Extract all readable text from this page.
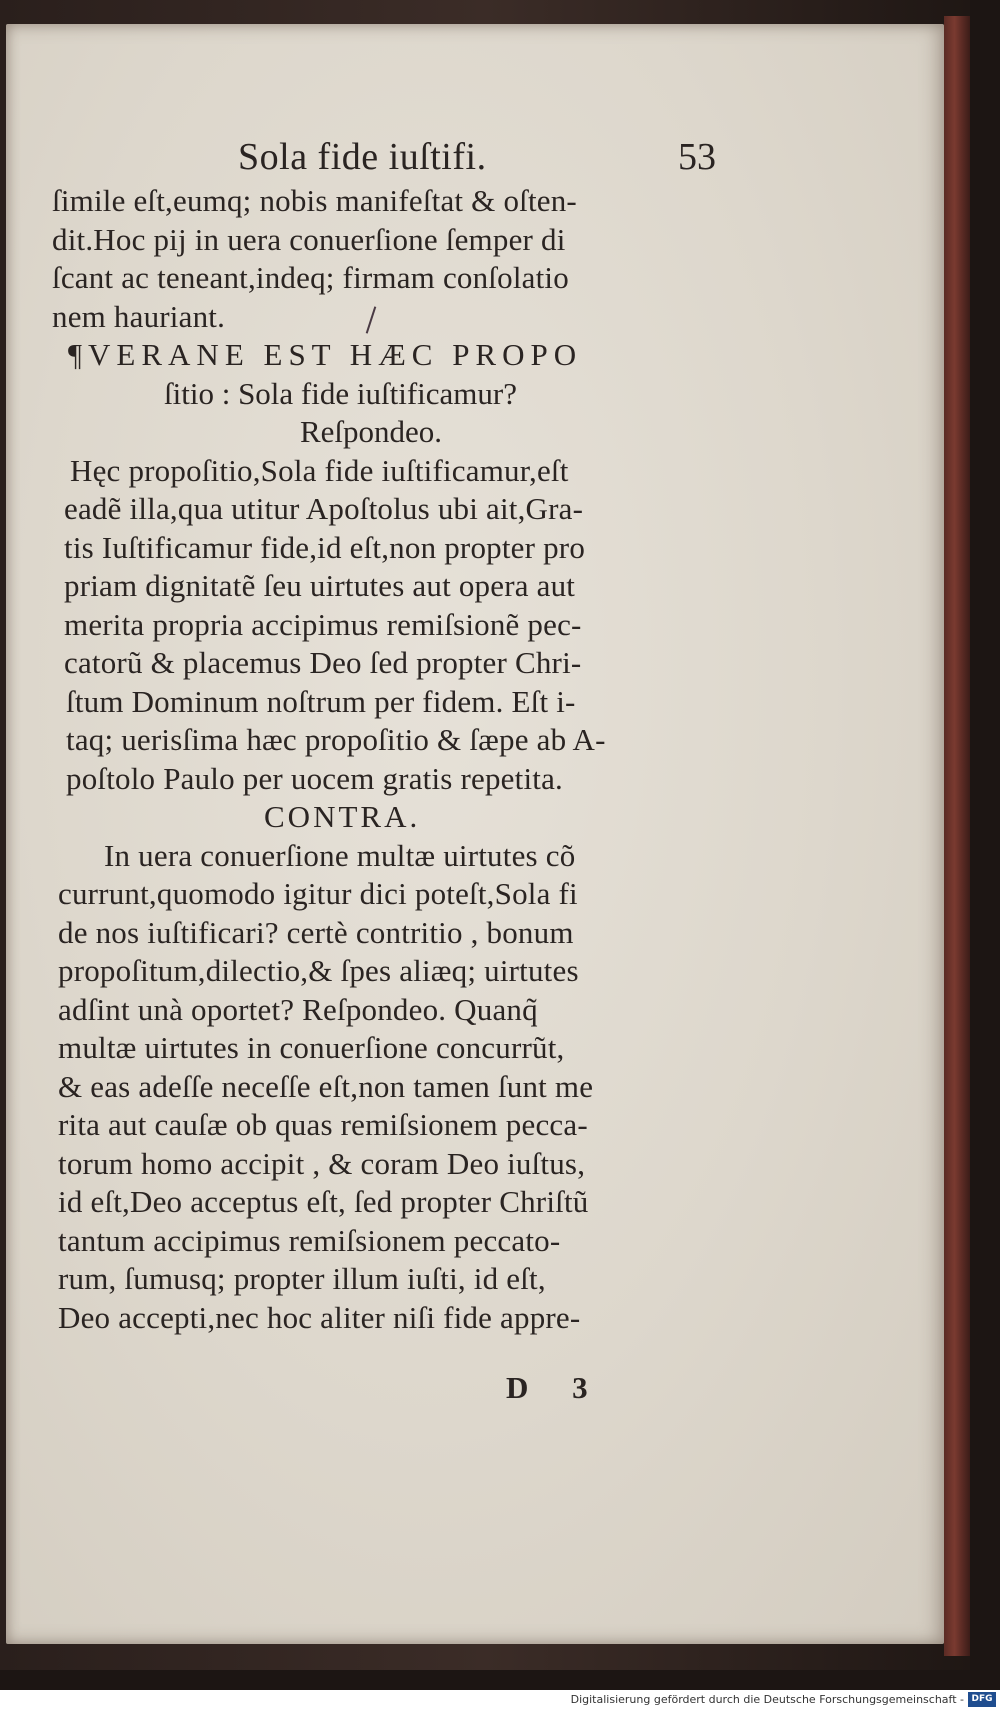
Sola fide iuſtifi.	53
ſimile eſt,eumq; nobis manifeſtat & oſten-
dit.Hoc pij in uera conuerſione ſemper di
ſcant ac teneant,indeq; firmam conſolatio
nem hauriant.
¶VERANE EST HÆC PROPO
ſitio : Sola fide iuſtificamur?
Reſpondeo.
Hęc propoſitio,Sola fide iuſtificamur,eſt
eadẽ illa,qua utitur Apoſtolus ubi ait,Gra-
tis Iuſtificamur fide,id eſt,non propter pro
priam dignitatẽ ſeu uirtutes aut opera aut
merita propria accipimus remiſsionẽ pec-
catorũ & placemus Deo ſed propter Chri-
ſtum Dominum noſtrum per fidem. Eſt i-
taq; uerisſima hæc propoſitio & ſæpe ab A-
poſtolo Paulo per uocem gratis repetita.
CONTRA.
In uera conuerſione multæ uirtutes cõ
currunt,quomodo igitur dici poteſt,Sola fi
de nos iuſtificari? certè contritio , bonum
propoſitum,dilectio,& ſpes aliæq; uirtutes
adſint unà oportet? Reſpondeo. Quanq̃
multæ uirtutes in conuerſione concurrũt,
& eas adeſſe neceſſe eſt,non tamen ſunt me
rita aut cauſæ ob quas remiſsionem pecca-
torum homo accipit , & coram Deo iuſtus,
id eſt,Deo acceptus eſt, ſed propter Chriſtũ
tantum accipimus remiſsionem peccato-
rum, ſumusq; propter illum iuſti, id eſt,
Deo accepti,nec hoc aliter niſi fide appre-
D 3
Digitalisierung gefördert durch die Deutsche Forschungsgemeinschaft - DFG
